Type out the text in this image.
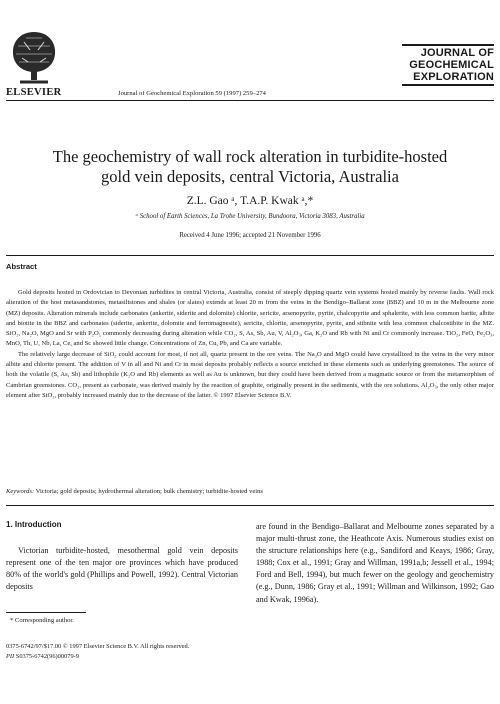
ELSEVIER	Journal of Geochemical Exploration 59 (1997) 259–274
JOURNAL OF
GEOCHEMICAL
EXPLORATION
The geochemistry of wall rock alteration in turbidite-hosted
gold vein deposits, central Victoria, Australia
Z.L. Gao ᵃ, T.A.P. Kwak ᵃ,*
ᵃ School of Earth Sciences, La Trobe University, Bundoora, Victoria 3083, Australia
Received 4 June 1996; accepted 21 November 1996
Abstract

Gold deposits hosted in Ordovician to Devonian turbidites in central Victoria, Australia, consist of steeply dipping quartz vein systems hosted mainly by reverse faults. Wall rock alteration of the host metasandstones, metasiltstones and shales (or slates) extends at least 20 m from the veins in the Bendigo–Ballarat zone (BBZ) and 10 m in the Melbourne zone (MZ) deposits. Alteration minerals include carbonates (ankerite, siderite and dolomite) chlorite, sericite, arsenopyrite, pyrite, chalcopyrite and sphalerite, with less common barite, albite and biotite in the BBZ and carbonates (siderite, ankerite, dolomite and ferromagnesite), sericite, chlorite, arsenopyrite, pyrite, and stibnite with less common chalcostibite in the MZ. SiO₂, Na₂O, MgO and Sr with P₂O₅ commonly decreasing during alteration while CO₂, S, As, Sb, Au, V, Al₂O₃, Ga, K₂O and Rb with Ni and Cr commonly increase. TiO₂, FeO, Fe₂O₃, MnO, Th, U, Nb, La, Ce, and Sc showed little change. Concentrations of Zn, Cu, Pb, and Ca are variable.

The relatively large decrease of SiO₂ could account for most, if not all, quartz present in the ore veins. The Na₂O and MgO could have crystallized in the veins in the very minor albite and chlorite present. The addition of V in all and Ni and Cr in most deposits probably reflects a source enriched in these elements such as underlying greenstones. The source of both the volatile (S, As, Sb) and lithophile (K₂O and Rb) elements as well as Au is unknown, but they could have been derived from a magmatic source or from the metamorphism of Cambrian greenstones. CO₂, present as carbonate, was derived mainly by the reaction of graphite, originally present in the sediments, with the ore solutions. Al₂O₃, the only other major element after SiO₂, probably increased mainly due to the decrease of the latter. © 1997 Elsevier Science B.V.

Keywords: Victoria; gold deposits; hydrothermal alteration; bulk chemistry; turbidite-hosted veins
1. Introduction
Victorian turbidite-hosted, mesothermal gold vein deposits represent one of the ten major ore provinces which have produced 80% of the world's gold (Phillips and Powell, 1992). Central Victorian deposits
are found in the Bendigo–Ballarat and Melbourne zones separated by a major multi-thrust zone, the Heathcote Axis. Numerous studies exist on the structure relationships here (e.g., Sandiford and Keays, 1986; Gray, 1988; Cox et al., 1991; Gray and Willman, 1991a,b; Jessell et al., 1994; Ford and Bell, 1994), but much fewer on the geology and geochemistry (e.g., Dunn, 1986; Gray et al., 1991; Willman and Wilkinson, 1992; Gao and Kwak, 1996a).
* Corresponding author.
0375-6742/97/$17.00 © 1997 Elsevier Science B.V. All rights reserved.
PII S0375-6742(96)00079-9
